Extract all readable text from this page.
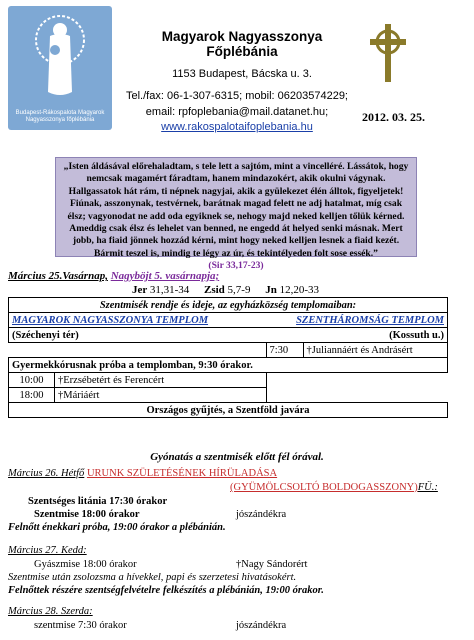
Budapest-Rákospalota Magyarok Nagyasszonya főplébánia
Magyarok Nagyasszonya Főplébánia
1153 Budapest, Bácska u. 3.
Tel./fax: 06-1-307-6315; mobil: 06203574229;
email: rpfoplebania@mail.datanet.hu;
www.rakospalotaifoplebania.hu
2012. 03. 25.
„Isten áldásával előrehaladtam, s tele lett a sajtóm, mint a vincelléré. Lássátok, hogy nemcsak magamért fáradtam, hanem mindazokért, akik okulni vágynak. Hallgassatok hát rám, ti népnek nagyjai, akik a gyülekezet élén álltok, figyeljetek! Fiúnak, asszonynak, testvérnek, barátnak magad felett ne adj hatalmat, míg csak élsz; vagyonodat ne add oda egyiknek se, nehogy majd neked kelljen tőlük kérned. Ameddig csak élsz és lehelet van benned, ne engedd át helyed senki másnak. Mert jobb, ha fiaid jönnek hozzád kérni, mint hogy neked kelljen lesnek a fiaid kezét. Bármit teszel is, mindig te légy az úr, és tekintélyeden folt sose essék.”
(Sir 33,17-23)
Március 25.Vasárnap, Nagyböjt 5. vasárnapja;
Jer 31,31-34 Zsid 5,7-9 Jn 12,20-33
Szentmisék rendje és ideje, az egyházközség templomaiban:			
MAGYAROK NAGYASSZONYA TEMPLOM		SZENTHÁROMSÁG TEMPLOM	
(Széchenyi tér)		(Kossuth u.)	
		7:30	†Juliannáért és Andrásért
Gyermekkórusnak próba a templomban, 9:30 órakor.			
10:00	†Erzsébetért és Ferencért		
18:00	†Máriáért		
Országos gyűjtés, a Szentföld javára			
Gyónatás a szentmisék előtt fél órával.
Március 26. Hétfő URUNK SZÜLETÉSÉNEK HÍRÜLADÁSA
(GYÜMÖLCSOLTÓ BOLDOGASSZONY)FÜ.:
Szentséges litánia 17:30 órakor
Szentmise 18:00 órakor	jószándékra
Felnőtt énekkari próba, 19:00 órakor a plébánián.
Március 27. Kedd:
Gyászmise 18:00 órakor	†Nagy Sándorért
Szentmise után zsolozsma a hívekkel, papi és szerzetesi hivatásokért.
Felnőttek részére szentségfelvételre felkészítés a plébánián, 19:00 órakor.
Március 28. Szerda:
szentmise 7:30 órakor	jószándékra
